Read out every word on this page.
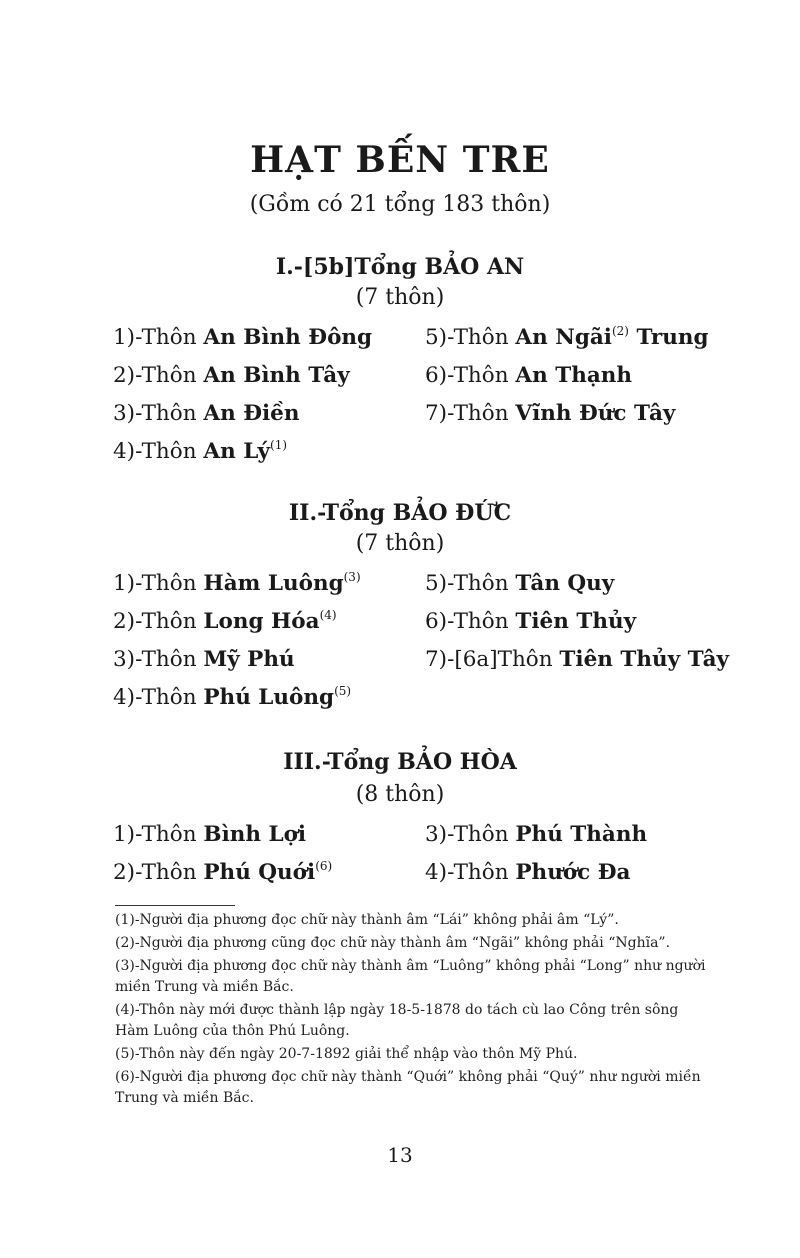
HẠT BẾN TRE
(Gồm có 21 tổng 183 thôn)
I.-[5b]Tổng BẢO AN
(7 thôn)
1)-Thôn An Bình Đông
2)-Thôn An Bình Tây
3)-Thôn An Điền
4)-Thôn An $Lý^{(1)}$
5)-Thôn An Ngãi$^{(2)}$ Trung
6)-Thôn An Thạnh
7)-Thôn Vĩnh Đức Tây
II.-Tổng BẢO ĐỨC
(7 thôn)
1)-Thôn Hàm Luông$^{(3)}$
2)-Thôn Long Hóa$^{(4)}$
3)-Thôn Mỹ Phú
4)-Thôn Phú Luông$^{(5)}$
5)-Thôn Tân Quy
6)-Thôn Tiên Thủy
7)-[6a]Thôn Tiên Thủy Tây
III.-Tổng BẢO HÒA
(8 thôn)
1)-Thôn Bình Lợi
2)-Thôn Phú Quới$^{(6)}$
3)-Thôn Phú Thành
4)-Thôn Phước Đa
(1)-Người địa phương đọc chữ này thành âm “Lái” không phải âm “Lý”.
(2)-Người địa phương cũng đọc chữ này thành âm “Ngãi” không phải “Nghĩa”.
(3)-Người địa phương đọc chữ này thành âm “Luông” không phải “Long” như người miền Trung và miền Bắc.
(4)-Thôn này mới được thành lập ngày 18-5-1878 do tách cù lao Công trên sông Hàm Luông của thôn Phú Luông.
(5)-Thôn này đến ngày 20-7-1892 giải thể nhập vào thôn Mỹ Phú.
(6)-Người địa phương đọc chữ này thành “Quới” không phải “Quý” như người miền Trung và miền Bắc.
13
